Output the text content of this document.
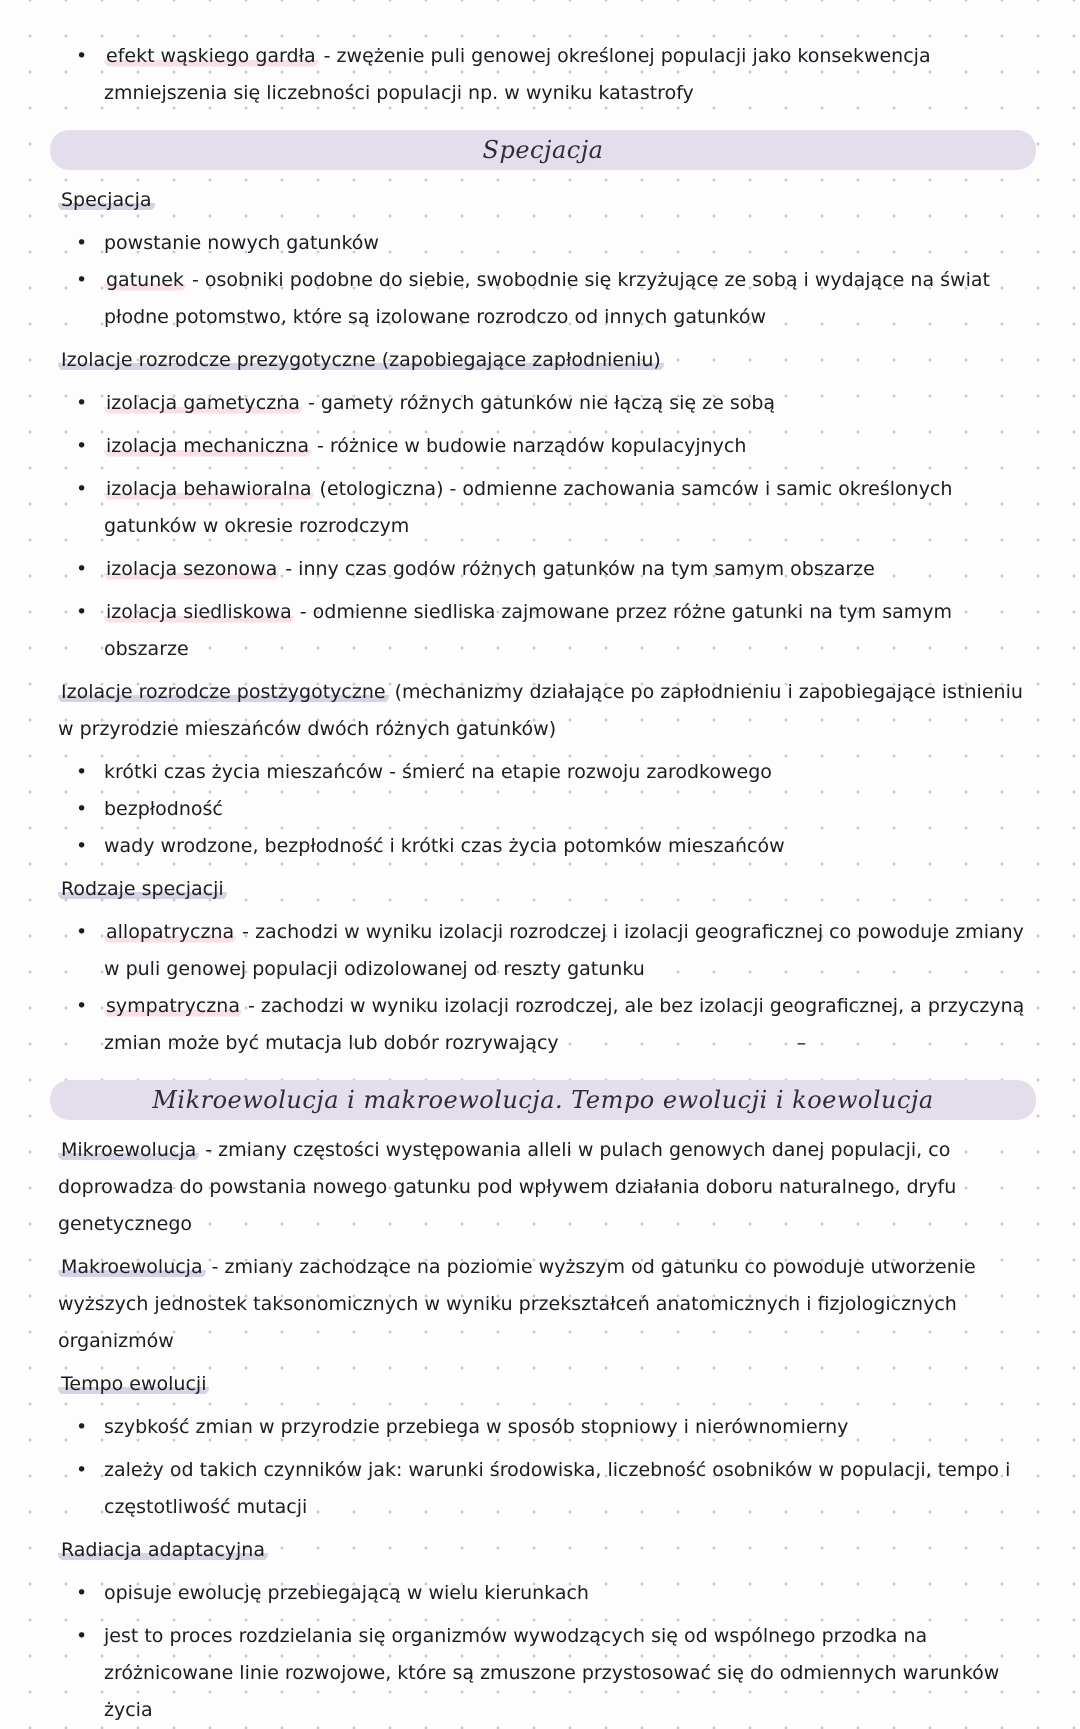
• efekt wąskiego gardła - zwężenie puli genowej określonej populacji jako konsekwencja zmniejszenia się liczebności populacji np. w wyniku katastrofy

Specjacja

Specjacja

• powstanie nowych gatunków

• gatunek - osobniki podobne do siebie, swobodnie się krzyżujące ze sobą i wydające na świat płodne potomstwo, które są izolowane rozrodczo od innych gatunków

Izolacje rozrodcze prezygotyczne (zapobiegające zapłodnieniu)

• izolacja gametyczna - gamety różnych gatunków nie łączą się ze sobą

• izolacja mechaniczna - różnice w budowie narządów kopulacyjnych

• izolacja behawioralna (etologiczna) - odmienne zachowania samców i samic określonych gatunków w okresie rozrodczym

• izolacja sezonowa - inny czas godów różnych gatunków na tym samym obszarze

• izolacja siedliskowa - odmienne siedliska zajmowane przez różne gatunki na tym samym obszarze

Izolacje rozrodcze postzygotyczne (mechanizmy działające po zapłodnieniu i zapobiegające istnieniu w przyrodzie mieszańców dwóch różnych gatunków)

• krótki czas życia mieszańców - śmierć na etapie rozwoju zarodkowego

• bezpłodność

• wady wrodzone, bezpłodność i krótki czas życia potomków mieszańców

Rodzaje specjacji

• allopatryczna - zachodzi w wyniku izolacji rozrodczej i izolacji geograficznej co powoduje zmiany w puli genowej populacji odizolowanej od reszty gatunku

• sympatryczna - zachodzi w wyniku izolacji rozrodczej, ale bez izolacji geograficznej, a przyczyną zmian może być mutacja lub dobór rozrywający	–

Mikroewolucja i makroewolucja. Tempo ewolucji i koewolucja

Mikroewolucja - zmiany częstości występowania alleli w pulach genowych danej populacji, co doprowadza do powstania nowego gatunku pod wpływem działania doboru naturalnego, dryfu genetycznego

Makroewolucja - zmiany zachodzące na poziomie wyższym od gatunku co powoduje utworzenie wyższych jednostek taksonomicznych w wyniku przekształceń anatomicznych i fizjologicznych organizmów

Tempo ewolucji

• szybkość zmian w przyrodzie przebiega w sposób stopniowy i nierównomierny

• zależy od takich czynników jak: warunki środowiska, liczebność osobników w populacji, tempo i częstotliwość mutacji

Radiacja adaptacyjna

• opisuje ewolucję przebiegającą w wielu kierunkach

• jest to proces rozdzielania się organizmów wywodzących się od wspólnego przodka na zróżnicowane linie rozwojowe, które są zmuszone przystosować się do odmiennych warunków życia
